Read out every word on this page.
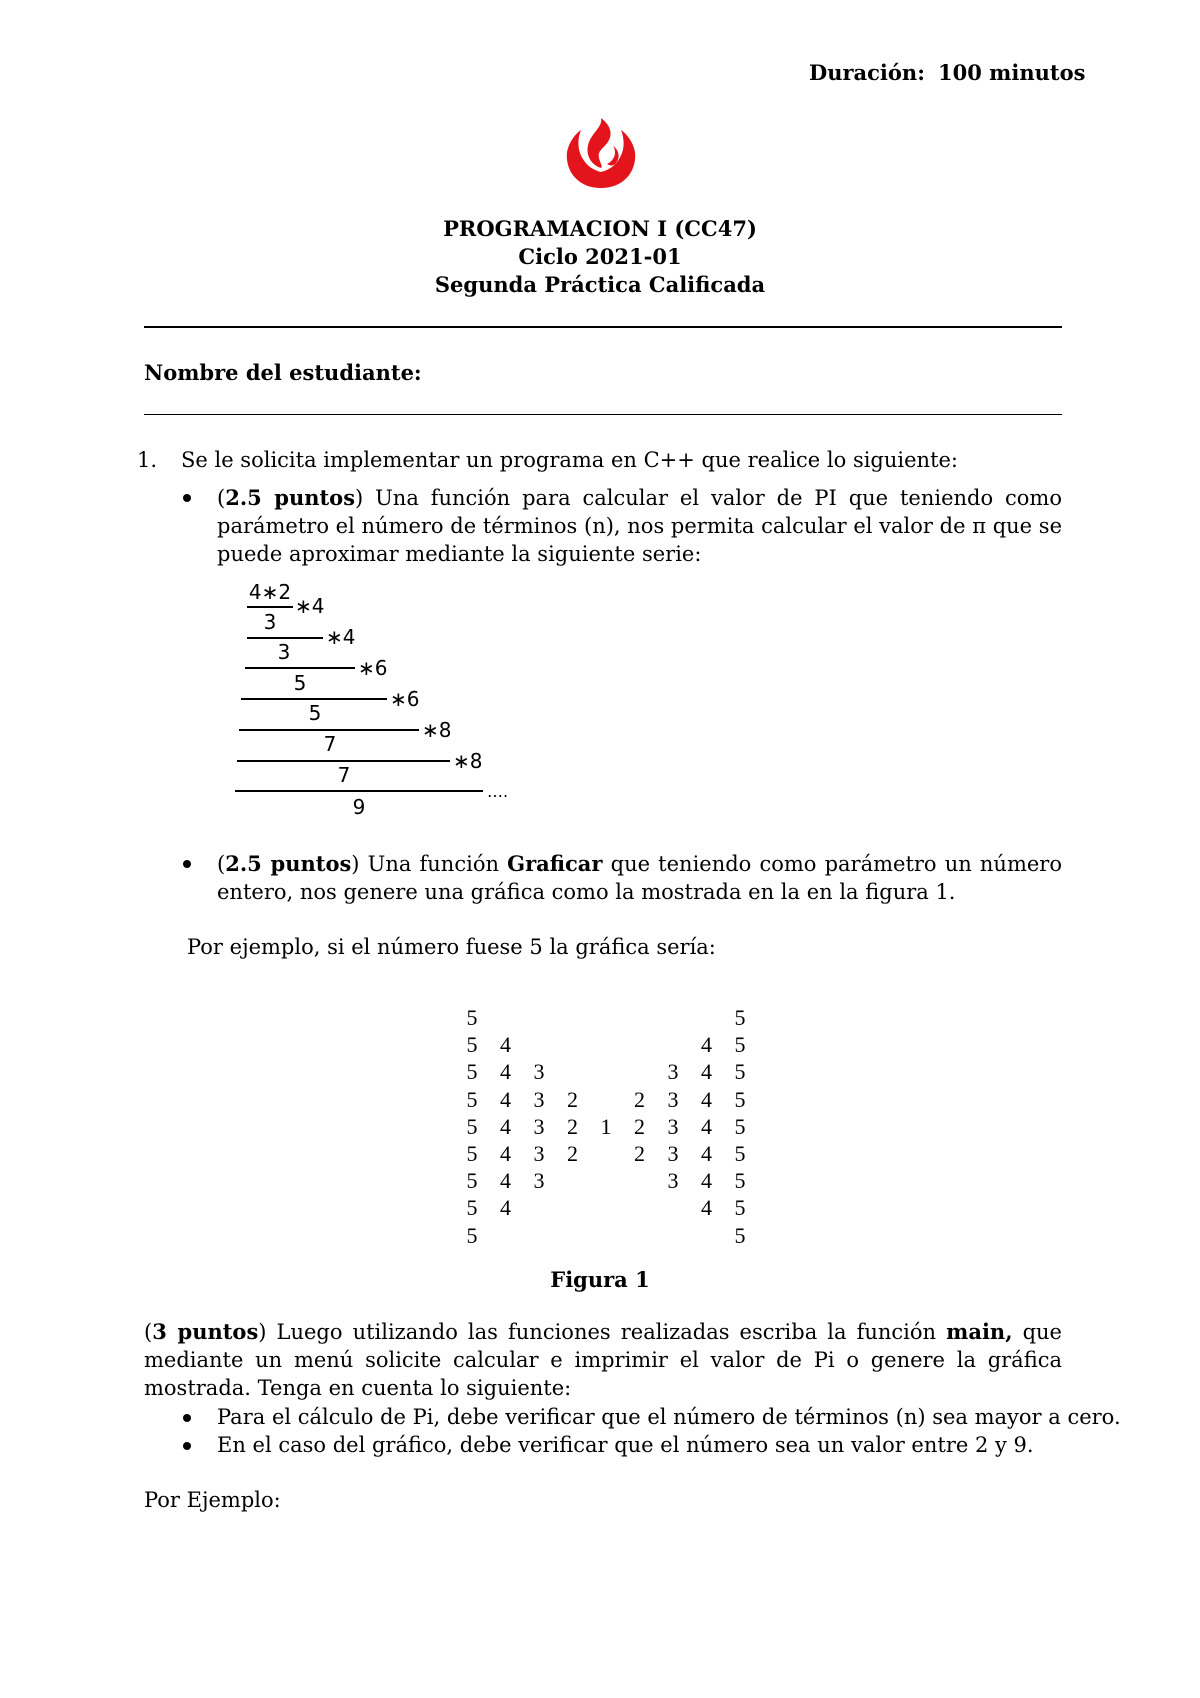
Duración: 100 minutos
PROGRAMACION I (CC47)
Ciclo 2021-01
Segunda Práctica Calificada
Nombre del estudiante:
1. Se le solicita implementar un programa en C++ que realice lo siguiente:
(2.5 puntos) Una función para calcular el valor de PI que teniendo como parámetro el número de términos (n), nos permita calcular el valor de π que se puede aproximar mediante la siguiente serie:
4∗2
∗4
3
∗4
3
∗6
5
∗6
5
∗8
7
∗8
7
….
9
(2.5 puntos) Una función Graficar que teniendo como parámetro un número entero, nos genere una gráfica como la mostrada en la en la figura 1.
Por ejemplo, si el número fuese 5 la gráfica sería:
5	5
5 4	4 5
5 4 3	3 4 5
5 4 3 2	2 3 4 5
5 4 3 2 1 2 3 4 5
5 4 3 2	2 3 4 5
5 4 3	3 4 5
5 4	4 5
5	5
Figura 1
(3 puntos) Luego utilizando las funciones realizadas escriba la función main, que mediante un menú solicite calcular e imprimir el valor de Pi o genere la gráfica mostrada. Tenga en cuenta lo siguiente:
Para el cálculo de Pi, debe verificar que el número de términos (n) sea mayor a cero.
En el caso del gráfico, debe verificar que el número sea un valor entre 2 y 9.
Por Ejemplo:
